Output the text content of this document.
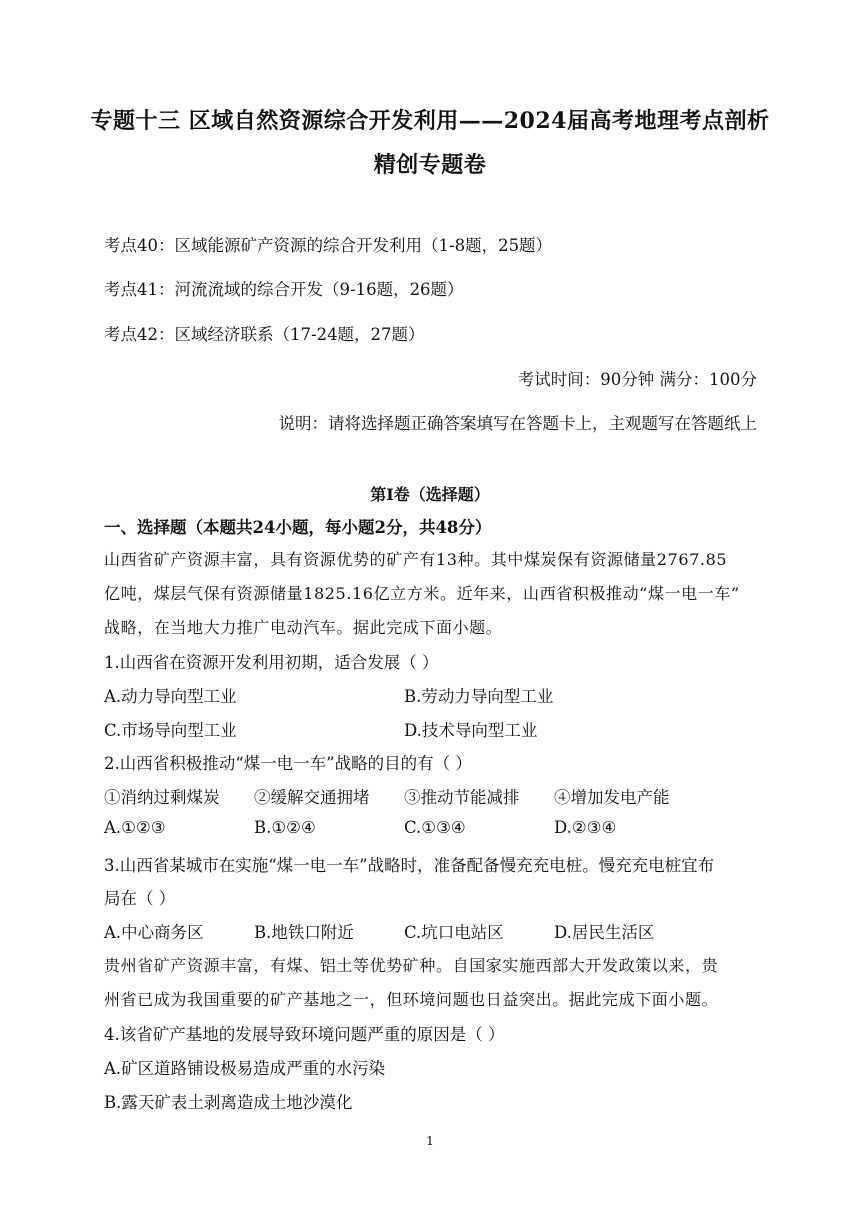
专题十三 区域自然资源综合开发利用——2024届高考地理考点剖析
精创专题卷
考点40：区域能源矿产资源的综合开发利用（1-8题，25题）
考点41：河流流域的综合开发（9-16题，26题）
考点42：区域经济联系（17-24题，27题）
考试时间：90分钟 满分：100分
说明：请将选择题正确答案填写在答题卡上，主观题写在答题纸上
第Ⅰ卷（选择题）
一、选择题（本题共24小题，每小题2分，共48分）
山西省矿产资源丰富，具有资源优势的矿产有13种。其中煤炭保有资源储量2767.85
亿吨，煤层气保有资源储量1825.16亿立方米。近年来，山西省积极推动“煤一电一车”
战略，在当地大力推广电动汽车。据此完成下面小题。
1.山西省在资源开发利用初期，适合发展（ ）
A.动力导向型工业	B.劳动力导向型工业
C.市场导向型工业	D.技术导向型工业
2.山西省积极推动“煤一电一车”战略的目的有（ ）
①消纳过剩煤炭 ②缓解交通拥堵 ③推动节能减排 ④增加发电产能
A.①②③	B.①②④	C.①③④	D.②③④
3.山西省某城市在实施“煤一电一车”战略时，准备配备慢充充电桩。慢充充电桩宜布
局在（ ）
A.中心商务区	B.地铁口附近	C.坑口电站区	D.居民生活区
贵州省矿产资源丰富，有煤、铝土等优势矿种。自国家实施西部大开发政策以来，贵
州省已成为我国重要的矿产基地之一，但环境问题也日益突出。据此完成下面小题。
4.该省矿产基地的发展导致环境问题严重的原因是（ ）
A.矿区道路铺设极易造成严重的水污染
B.露天矿表土剥离造成土地沙漠化
1
